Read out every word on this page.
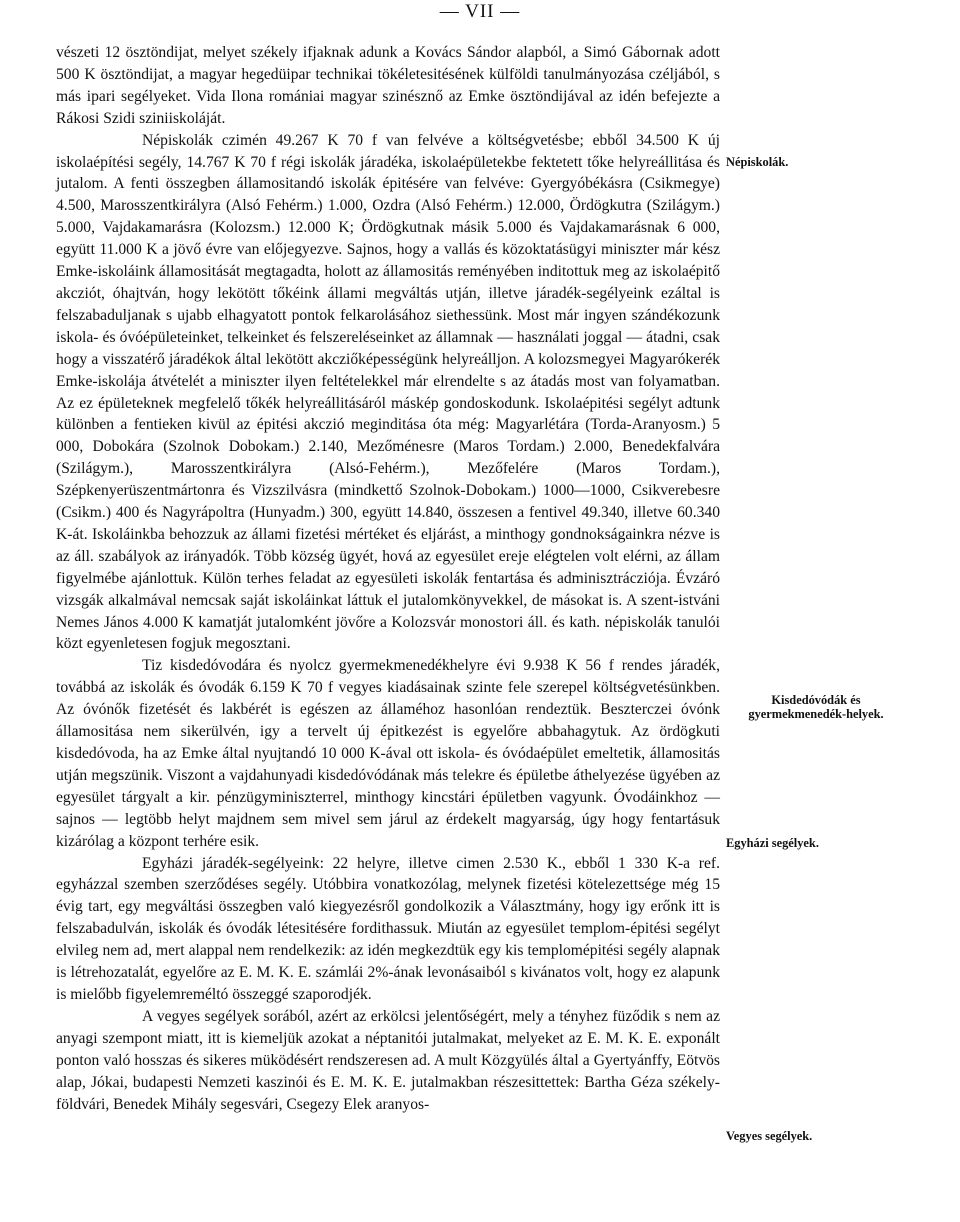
— VII —

vészeti 12 ösztöndijat, melyet székely ifjaknak adunk a Kovács Sándor alapból, a Simó Gábornak adott 500 K ösztöndijat, a magyar hegedüipar technikai tökéletesitésének külföldi tanulmányozása czéljából, s más ipari segélyeket. Vida Ilona romániai magyar szinésznő az Emke ösztöndijával az idén befejezte a Rákosi Szidi sziniiskoláját.

Népiskolák czimén 49.267 K 70 f van felvéve a költségvetésbe; ebből 34.500 K új iskolaépítési segély, 14.767 K 70 f régi iskolák járadéka, iskolaépületekbe fektetett tőke helyreállitása és jutalom. A fenti összegben államositandó iskolák épitésére van felvéve: Gyergyóbékásra (Csikmegye) 4.500, Marosszentkirályra (Alsó Fehérm.) 1.000, Ozdra (Alsó Fehérm.) 12.000, Ördögkutra (Szilágym.) 5.000, Vajdakamarásra (Kolozsm.) 12.000 K; Ördögkutnak másik 5.000 és Vajdakamarásnak 6 000, együtt 11.000 K a jövő évre van előjegyezve. Sajnos, hogy a vallás és közoktatásügyi miniszter már kész Emke-iskoláink államositását megtagadta, holott az államositás reményében inditottuk meg az iskolaépitő akcziót, óhajtván, hogy lekötött tőkéink állami megváltás utján, illetve járadék-segélyeink ezáltal is felszabaduljanak s ujabb elhagyatott pontok felkarolásához siethessünk. Most már ingyen szándékozunk iskola- és óvóépületeinket, telkeinket és felszereléseinket az államnak — használati joggal — átadni, csak hogy a visszatérő járadékok által lekötött akcziőképességünk helyreálljon. A kolozsmegyei Magyarókerék Emke-iskolája átvételét a miniszter ilyen feltételekkel már elrendelte s az átadás most van folyamatban. Az ez épületeknek megfelelő tőkék helyreállitásáról máskép gondoskodunk. Iskolaépitési segélyt adtunk különben a fentieken kivül az épitési akczió meginditása óta még: Magyarlétára (Torda-Aranyosm.) 5 000, Dobokára (Szolnok Dobokam.) 2.140, Mezőménesre (Maros Tordam.) 2.000, Benedekfalvára (Szilágym.), Marosszentkirályra (Alsó-Fehérm.), Mezőfelére (Maros Tordam.), Szépkenyerüszentmártonra és Vizszilvásra (mindkettő Szolnok-Dobokam.) 1000—1000, Csikverebesre (Csikm.) 400 és Nagyrápoltra (Hunyadm.) 300, együtt 14.840, összesen a fentivel 49.340, illetve 60.340 K-át. Iskoláinkba behozzuk az állami fizetési mértéket és eljárást, a minthogy gondnokságainkra nézve is az áll. szabályok az irányadók. Több község ügyét, hová az egyesület ereje elégtelen volt elérni, az állam figyelmébe ajánlottuk. Külön terhes feladat az egyesületi iskolák fentartása és adminisztrácziója. Évzáró vizsgák alkalmával nemcsak saját iskoláinkat láttuk el jutalomkönyvekkel, de másokat is. A szent-istváni Nemes János 4.000 K kamatját jutalomként jövőre a Kolozsvár monostori áll. és kath. népiskolák tanulói közt egyenletesen fogjuk megosztani.

Tiz kisdedóvodára és nyolcz gyermekmenedékhelyre évi 9.938 K 56 f rendes járadék, továbbá az iskolák és óvodák 6.159 K 70 f vegyes kiadásainak szinte fele szerepel költségvetésünkben. Az óvónők fizetését és lakbérét is egészen az államéhoz hasonlóan rendeztük. Beszterczei óvónk államositása nem sikerülvén, igy a tervelt új épitkezést is egyelőre abbahagytuk. Az ördögkuti kisdedóvoda, ha az Emke által nyujtandó 10 000 K-ával ott iskola- és óvódaépület emeltetik, államositás utján megszünik. Viszont a vajdahunyadi kisdedóvódának más telekre és épületbe áthelyezése ügyében az egyesület tárgyalt a kir. pénzügyminiszterrel, minthogy kincstári épületben vagyunk. Óvodáinkhoz — sajnos — legtöbb helyt majdnem sem mivel sem járul az érdekelt magyarság, úgy hogy fentartásuk kizárólag a központ terhére esik.

Egyházi járadék-segélyeink: 22 helyre, illetve cimen 2.530 K., ebből 1 330 K-a ref. egyházzal szemben szerződéses segély. Utóbbira vonatkozólag, melynek fizetési kötelezettsége még 15 évig tart, egy megváltási összegben való kiegyezésről gondolkozik a Választmány, hogy igy erőnk itt is felszabadulván, iskolák és óvodák létesitésére fordithassuk. Miután az egyesület templom-épitési segélyt elvileg nem ad, mert alappal nem rendelkezik: az idén megkezdtük egy kis templomépitési segély alapnak is létrehozatalát, egyelőre az E. M. K. E. számlái 2%-ának levonásaiból s kivánatos volt, hogy ez alapunk is mielőbb figyelemreméltó összeggé szaporodjék.

A vegyes segélyek sorából, azért az erkölcsi jelentőségért, mely a tényhez füződik s nem az anyagi szempont miatt, itt is kiemeljük azokat a néptanitói jutalmakat, melyeket az E. M. K. E. exponált ponton való hosszas és sikeres müködésért rendszeresen ad. A mult Közgyülés által a Gyertyánffy, Eötvös alap, Jókai, budapesti Nemzeti kaszinói és E. M. K. E. jutalmakban részesittettek: Bartha Géza székely-földvári, Benedek Mihály segesvári, Csegezy Elek aranyos-

Népiskolák.
Kisdedóvódák és gyermekmenedék-helyek.
Egyházi segélyek.
Vegyes segélyek.
